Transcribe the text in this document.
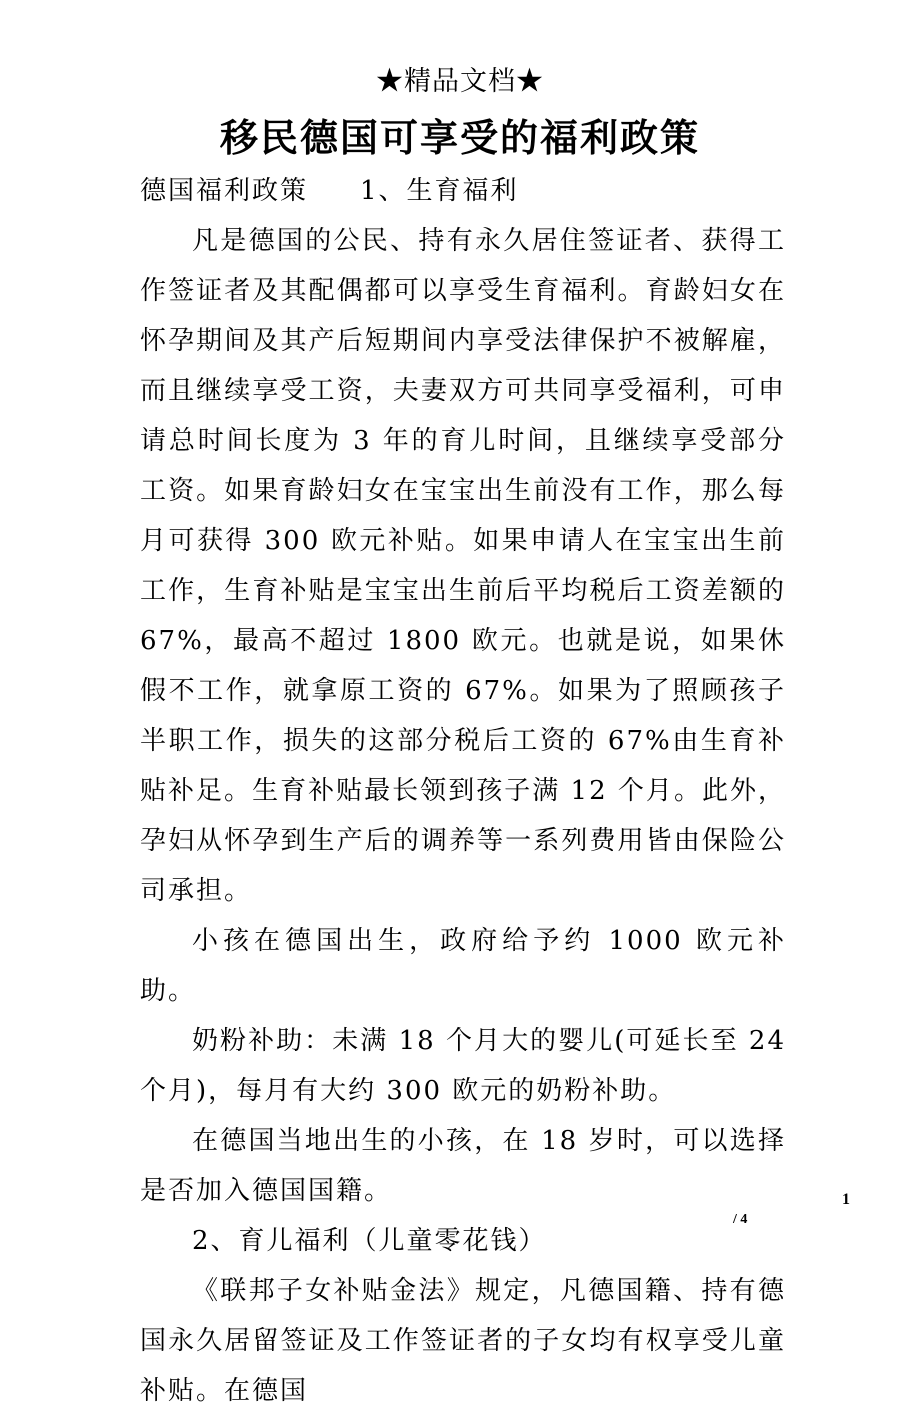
★精品文档★
移民德国可享受的福利政策

德国福利政策 1、生育福利

凡是德国的公民、持有永久居住签证者、获得工作签证者及其配偶都可以享受生育福利。育龄妇女在怀孕期间及其产后短期间内享受法律保护不被解雇，而且继续享受工资，夫妻双方可共同享受福利，可申请总时间长度为 3 年的育儿时间，且继续享受部分工资。如果育龄妇女在宝宝出生前没有工作，那么每月可获得 300 欧元补贴。如果申请人在宝宝出生前工作，生育补贴是宝宝出生前后平均税后工资差额的 67%，最高不超过 1800 欧元。也就是说，如果休假不工作，就拿原工资的 67%。如果为了照顾孩子半职工作，损失的这部分税后工资的 67%由生育补贴补足。生育补贴最长领到孩子满 12 个月。此外，孕妇从怀孕到生产后的调养等一系列费用皆由保险公司承担。

小孩在德国出生，政府给予约 1000 欧元补助。

奶粉补助：未满 18 个月大的婴儿(可延长至 24 个月)，每月有大约 300 欧元的奶粉补助。

在德国当地出生的小孩，在 18 岁时，可以选择是否加入德国国籍。

2、育儿福利（儿童零花钱）

《联邦子女补贴金法》规定，凡德国籍、持有德国永久居留签证及工作签证者的子女均有权享受儿童补贴。在德国

1
/ 4
